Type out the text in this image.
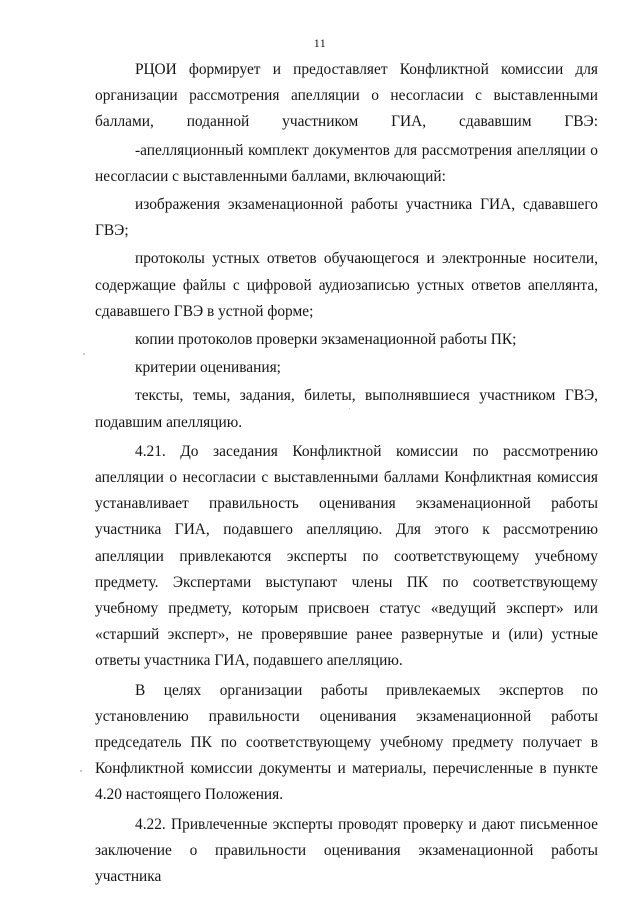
11

РЦОИ формирует и предоставляет Конфликтной комиссии для организации рассмотрения апелляции о несогласии с выставленными баллами, поданной участником ГИА, сдававшим ГВЭ:

-апелляционный комплект документов для рассмотрения апелляции о несогласии с выставленными баллами, включающий:

изображения экзаменационной работы участника ГИА, сдававшего ГВЭ;

протоколы устных ответов обучающегося и электронные носители, содержащие файлы с цифровой аудиозаписью устных ответов апеллянта, сдававшего ГВЭ в устной форме;

копии протоколов проверки экзаменационной работы ПК;

критерии оценивания;

тексты, темы, задания, билеты, выполнявшиеся участником ГВЭ, подавшим апелляцию.

4.21. До заседания Конфликтной комиссии по рассмотрению апелляции о несогласии с выставленными баллами Конфликтная комиссия устанавливает правильность оценивания экзаменационной работы участника ГИА, подавшего апелляцию. Для этого к рассмотрению апелляции привлекаются эксперты по соответствующему учебному предмету. Экспертами выступают члены ПК по соответствующему учебному предмету, которым присвоен статус «ведущий эксперт» или «старший эксперт», не проверявшие ранее развернутые и (или) устные ответы участника ГИА, подавшего апелляцию.

В целях организации работы привлекаемых экспертов по установлению правильности оценивания экзаменационной работы председатель ПК по соответствующему учебному предмету получает в Конфликтной комиссии документы и материалы, перечисленные в пункте 4.20 настоящего Положения.

4.22. Привлеченные эксперты проводят проверку и дают письменное заключение о правильности оценивания экзаменационной работы участника
